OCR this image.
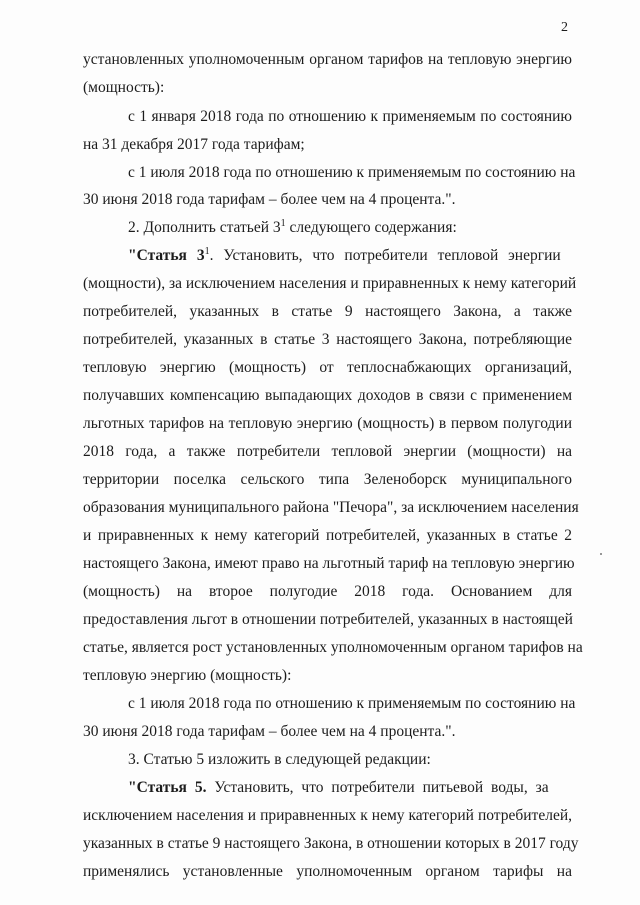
2
установленных уполномоченным органом тарифов на тепловую энергию
(мощность):
с 1 января 2018 года по отношению к применяемым по состоянию
на 31 декабря 2017 года тарифам;
с 1 июля 2018 года по отношению к применяемым по состоянию на
30 июня 2018 года тарифам – более чем на 4 процента.".
2. Дополнить статьей $3^1$ следующего содержания:
"Статья $3^1$. Установить, что потребители тепловой энергии
(мощности), за исключением населения и приравненных к нему категорий
потребителей, указанных в статье 9 настоящего Закона, а также
потребителей, указанных в статье 3 настоящего Закона, потребляющие
тепловую энергию (мощность) от теплоснабжающих организаций,
получавших компенсацию выпадающих доходов в связи с применением
льготных тарифов на тепловую энергию (мощность) в первом полугодии
2018 года, а также потребители тепловой энергии (мощности) на
территории поселка сельского типа Зеленоборск муниципального
образования муниципального района "Печора", за исключением населения
и приравненных к нему категорий потребителей, указанных в статье 2
настоящего Закона, имеют право на льготный тариф на тепловую энергию
(мощность) на второе полугодие 2018 года. Основанием для
предоставления льгот в отношении потребителей, указанных в настоящей
статье, является рост установленных уполномоченным органом тарифов на
тепловую энергию (мощность):
с 1 июля 2018 года по отношению к применяемым по состоянию на
30 июня 2018 года тарифам – более чем на 4 процента.".
3. Статью 5 изложить в следующей редакции:
"Статья 5. Установить, что потребители питьевой воды, за
исключением населения и приравненных к нему категорий потребителей,
указанных в статье 9 настоящего Закона, в отношении которых в 2017 году
применялись установленные уполномоченным органом тарифы на
